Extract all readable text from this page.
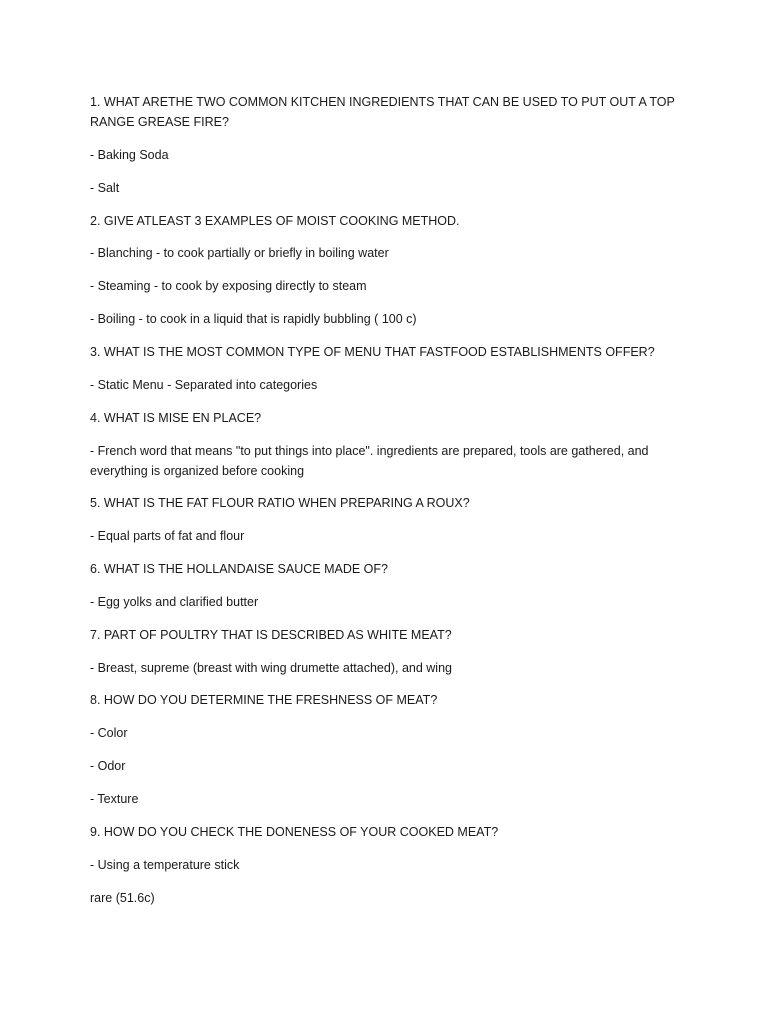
1. WHAT ARETHE TWO COMMON KITCHEN INGREDIENTS THAT CAN BE USED TO PUT OUT A TOP RANGE GREASE FIRE?

- Baking Soda

- Salt

2. GIVE ATLEAST 3 EXAMPLES OF MOIST COOKING METHOD.

- Blanching - to cook partially or briefly in boiling water

- Steaming - to cook by exposing directly to steam

- Boiling - to cook in a liquid that is rapidly bubbling ( 100 c)

3. WHAT IS THE MOST COMMON TYPE OF MENU THAT FASTFOOD ESTABLISHMENTS OFFER?

- Static Menu - Separated into categories

4. WHAT IS MISE EN PLACE?

- French word that means "to put things into place". ingredients are prepared, tools are gathered, and everything is organized before cooking

5. WHAT IS THE FAT FLOUR RATIO WHEN PREPARING A ROUX?

- Equal parts of fat and flour

6. WHAT IS THE HOLLANDAISE SAUCE MADE OF?

- Egg yolks and clarified butter

7. PART OF POULTRY THAT IS DESCRIBED AS WHITE MEAT?

- Breast, supreme (breast with wing drumette attached), and wing

8. HOW DO YOU DETERMINE THE FRESHNESS OF MEAT?

- Color

- Odor

- Texture

9. HOW DO YOU CHECK THE DONENESS OF YOUR COOKED MEAT?

- Using a temperature stick

rare (51.6c)
